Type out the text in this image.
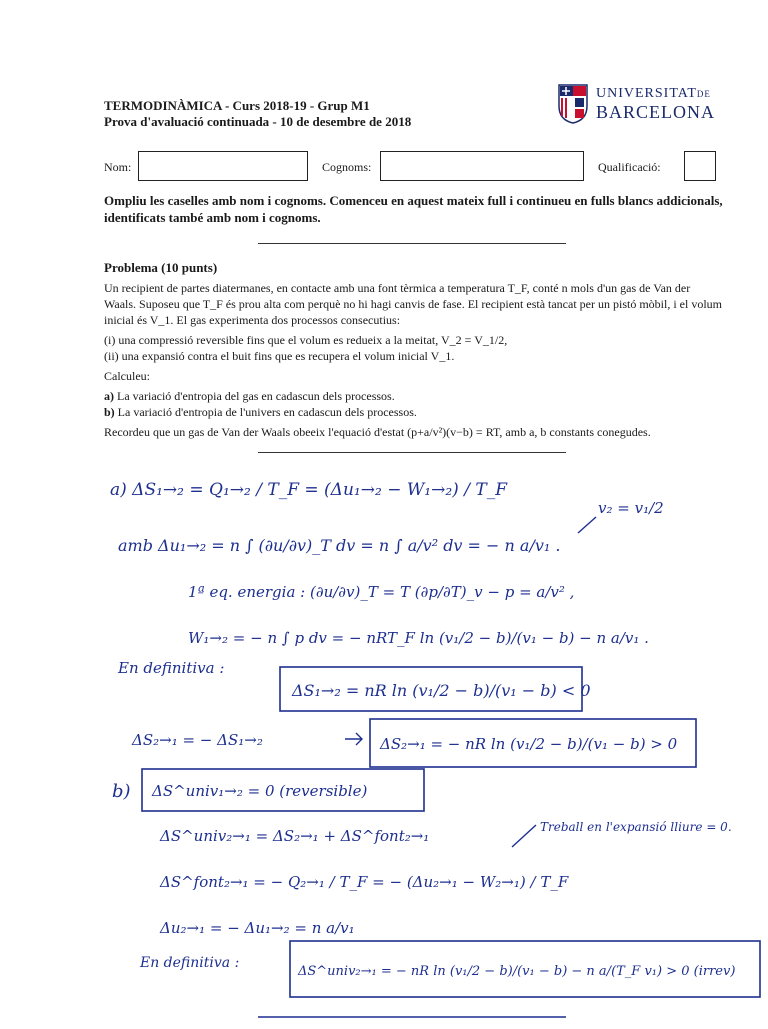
TERMODINÀMICA - Curs 2018-19 - Grup M1
Prova d'avaluació continuada - 10 de desembre de 2018
UNIVERSITATDE
BARCELONA
Nom:	Cognoms:	Qualificació:
Ompliu les caselles amb nom i cognoms. Comenceu en aquest mateix full i continueu en fulls blancs addicionals, identificats també amb nom i cognoms.
Problema (10 punts)

Un recipient de partes diatermanes, en contacte amb una font tèrmica a temperatura T_F, conté n mols d'un gas de Van der Waals. Suposeu que T_F és prou alta com perquè no hi hagi canvis de fase. El recipient està tancat per un pistó mòbil, i el volum inicial és V_1. El gas experimenta dos processos consecutius:

(i) una compressió reversible fins que el volum es redueix a la meitat, V_2 = V_1/2,

(ii) una expansió contra el buit fins que es recupera el volum inicial V_1.

Calculeu:

a) La variació d'entropia del gas en cadascun dels processos.

b) La variació d'entropia de l'univers en cadascun dels processos.

Recordeu que un gas de Van der Waals obeeix l'equació d'estat (p+a/v²)(v−b) = RT, amb a, b constants conegudes.

a) ΔS₁→₂ = Q₁→₂ / T_F = (Δu₁→₂ − W₁→₂) / T_F
v₂ = v₁/2
amb Δu₁→₂ = n ∫ (∂u/∂v)_T dv = n ∫ a/v² dv = − n a/v₁ .
1ª eq. energia : (∂u/∂v)_T = T (∂p/∂T)_v − p = a/v² ,
W₁→₂ = − n ∫ p dv = − nRT_F ln (v₁/2 − b)/(v₁ − b) − n a/v₁ .
En definitiva :
ΔS₁→₂ = nR ln (v₁/2 − b)/(v₁ − b) < 0
ΔS₂→₁ = − ΔS₁→₂	ΔS₂→₁ = − nR ln (v₁/2 − b)/(v₁ − b) > 0
b) ΔS^univ₁→₂ = 0 (reversible)
ΔS^univ₂→₁ = ΔS₂→₁ + ΔS^font₂→₁	Treball en l'expansió lliure = 0.
ΔS^font₂→₁ = − Q₂→₁ / T_F = − (Δu₂→₁ − W₂→₁) / T_F
Δu₂→₁ = − Δu₁→₂ = n a/v₁
En definitiva :
ΔS^univ₂→₁ = − nR ln (v₁/2 − b)/(v₁ − b) − n a/(T_F v₁) > 0 (irrev)
